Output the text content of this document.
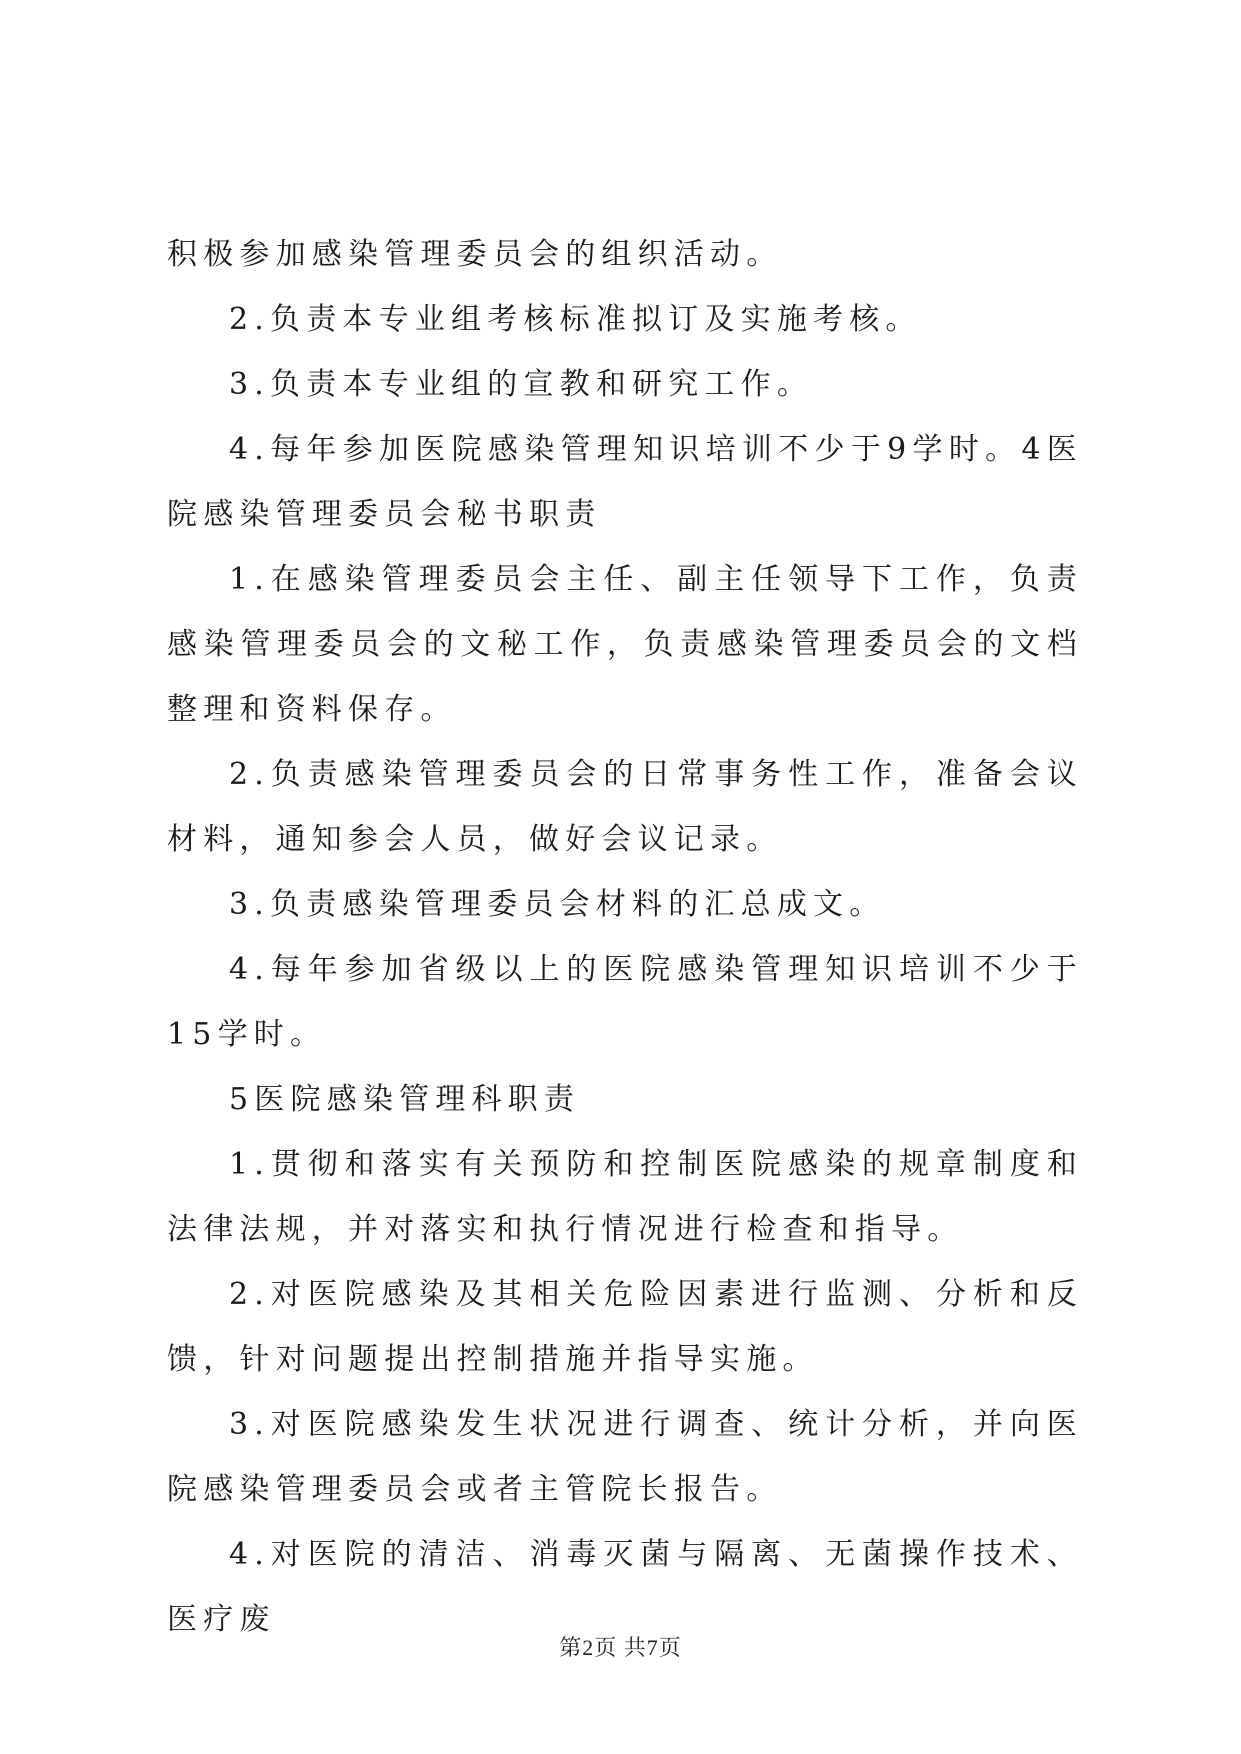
积极参加感染管理委员会的组织活动。

2.负责本专业组考核标准拟订及实施考核。

3.负责本专业组的宣教和研究工作。

4.每年参加医院感染管理知识培训不少于9学时。4医院感染管理委员会秘书职责

1.在感染管理委员会主任、副主任领导下工作，负责感染管理委员会的文秘工作，负责感染管理委员会的文档整理和资料保存。

2.负责感染管理委员会的日常事务性工作，准备会议材料，通知参会人员，做好会议记录。

3.负责感染管理委员会材料的汇总成文。

4.每年参加省级以上的医院感染管理知识培训不少于15学时。

5医院感染管理科职责

1.贯彻和落实有关预防和控制医院感染的规章制度和法律法规，并对落实和执行情况进行检查和指导。

2.对医院感染及其相关危险因素进行监测、分析和反馈，针对问题提出控制措施并指导实施。

3.对医院感染发生状况进行调查、统计分析，并向医院感染管理委员会或者主管院长报告。

4.对医院的清洁、消毒灭菌与隔离、无菌操作技术、医疗废

第2页 共7页
